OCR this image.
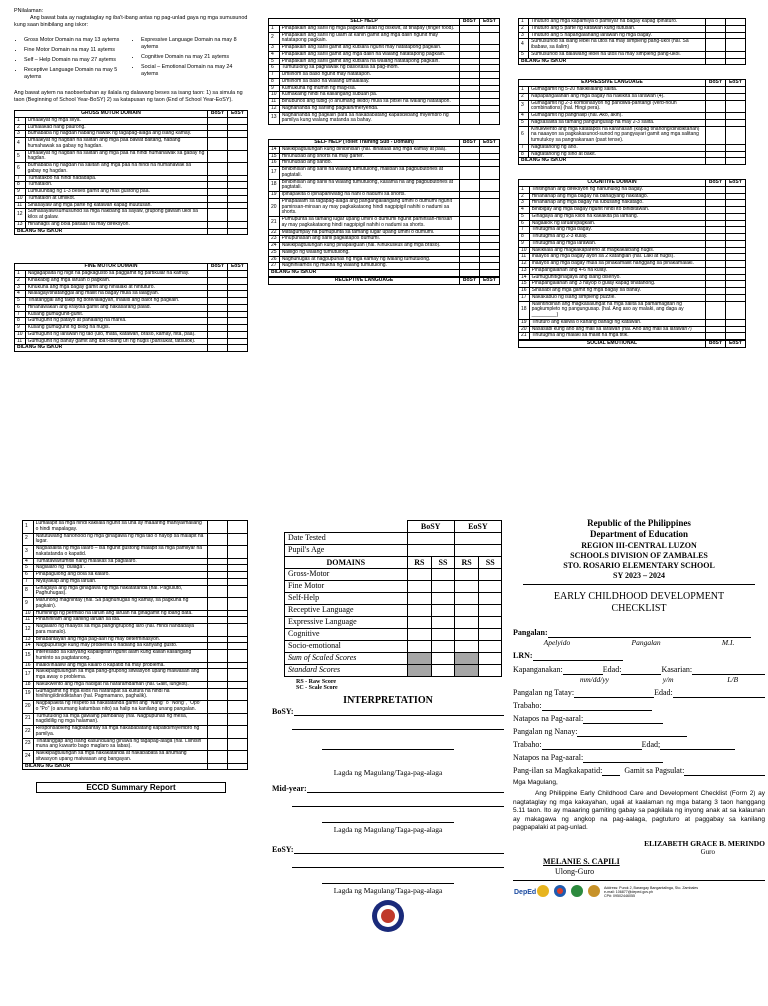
PNilalaman:
Ang bawat bata ay nagtataglay ng iba't-ibang antas ng pag-unlad gaya ng mga sumusunod kung saan binibilang ang iskor:
• Gross Motor Domain na may 13 aytems
• Fine Motor Domain na may 11 aytems
• Self – Help Domain na may 27 aytems
• Receptive Language Domain na may 5 aytems
• Expressive Language Domain na may 8 aytems
• Cognitive Domain na may 21 aytems
• Social – Emotional Domain na may 24 aytems
Ang bawat aytem na naobserbahan ay ilalala ng dalawang beses sa isang taon: 1) sa simula ng taon (Beginning of School Year-BoSY) 2) sa katapusan ng taon (End of School Year-EoSY).
GROSS MOTOR DOMAIN		BoSY	EoSY
1	Umaakyat ng mga silya.		
2	Lumalakad nang paurong.		
3	Bumababa ng hagdan habang hawak ng tagapag-alaga ang isang kamay.		
4	Umaakyat ng hagdan na salitan ang mga paa bawat baitang, habang humahawak sa gabay ng hagdan.		
5	Umaakyat ng hagdan na salitan ang mga paa na hindi humahawak sa gabay ng hagdan.		
6	Bumababa ng hagdan na salitan ang mga paa na hindi na humahawak sa gabay ng hagdan.		
7	Tumatakbo na hindi nadadapa.		
8	Tumatalon.		
9	Lumuluhdag ng 1-3 beses gamit ang mas gustong paa.		
10	Tumatalon at umiikot.		
11	Sinasayaw ang mga parte ng katawan kapag inuutusan.		
12	Sumasayaw/sumusunod sa mga hakbang sa sayaw, grupong gawain ukol sa kilos at galaw.		
13	Hinahagis ang bola paitaas na may direksyon.		
BILANG NG ISKOR			
FINE MOTOR DOMAIN		BoSY	EoSY
1	Nagagapaita ng higit na pagkagusto sa paggamit ng partikular na kamay.		
2	Kinakabig ang mga laruan o pagkain.		
3	Kinukuha ang mga bagay gamit ang hinlalaki at hintuturo.		
4	Nilalagay/tinatanggal ang maliit na bagay mula sa lalagyan.		
5	Tinatanggal ang takip ng bote/lalagyan, inaalis ang balot ng pagkain.		
6	Hinahawakan ang krayola gamit ang nakasarang palad.		
7	Kusang gumuguhit-guhit.		
8	Gumuguhit ng patayo at pahalang na marka.		
9	Kusang gumuguhit ng bilog na hugis.		
10	Gumuguhit ng larawan ng tao (ulo, mata, katawan, braso, kamay, hita, paa).		
11	Gumuguhit ng bahay gamit ang iba't-ibang uri ng hugis (parisukat, tatsulok).		
BILANG NG ISKOR			
SELF HELP		BoSY	EoSY
1	Pinapakain ang sarili ng mga pagkain tulad ng biskwit, at tinapay (finger food).		
2	Pinapakain ang sarili ng ulam at kanin gamit ang mga daliri ngunit may natatapong pagkain.		
3	Pinapakain ang sarili gamit ang kutsara ngunit may natatapong pagkain.		
4	Pinapakain ang sarili gamit ang mga daliri na walang natatapong pagkain.		
5	Pinapakain ang sarili gamit ang kutsara na walang natatapong pagkain.		
6	Tumutulong sa paghawak ng baso/tasa sa pag-inom.		
7	Umiinom sa baso ngunit may natatapon.		
8	Umiinom sa baso na walang umaalalay.		
9	Kumukuha ng inumin ng mag-isa.		
10	Kumakaing hindi na kailangang subuan pa.		
11	Binubuhos ang tubig (o anumang likido) mula sa pitsel na walang natatapon.		
12	Naghahanda ng sariling pagkain/meryenda.		
13	Naghahanda ng pagkain para sa nakababatang kapatid/ibang miyembro ng pamilya kung walang matanda sa bahay.		
SELF HELP (Toilet Training Sub - Domain)		BoSY	EoSY
14	Nakikipagtulungan kung binibihisan (hal. Itinataas ang mga kamay at paa).		
15	Hinuhubad ang shorts na may garter.		
16	Hinuhubad ang sando.		
17	Binibihisan ang sarili na walang tumutulong, maliban sa pagbubutones at pagtatali.		
18	Binibihisan ang sarili na walang tumutulong, kasama na ang pagbubutones at pagtatali.		
19	Ipinapakita o ipinapahiwatig na nahi o nadumi sa shorts.		
20	Pinapaalam sa tagapag-alaga ang pangangailangang umihi o dumumi ngunit paminsan-minsan ay may pagkakataong hindi nagpipigil nahihi o nadumi sa shorts.		
21	Pumupunta sa tamang lugar upang umihi o dumumi ngunit paminsan-minsan ay may pagkakataong hindi nagpipigil nahihi o nadumi sa shorts.		
22	Matagumpay na pumupunta sa tamang lugar upang umihi o dumumi.		
23	Pinupunasan ang sarili pagkatapos dumumi.		
24	Nakikipagtulungan kung pinapaliguan (hal. Kinukuskus ang mga braso).		
25	Naliligo ng walang tumutulong.		
26	Naghuhugas at nagpupunas ng mga kamay ng walang tumutulong.		
27	Naghihilamos ng mukha ng walang tumutulong.		
BILANG NG ISKOR			
RECEPTIVE LANGUAGE	BoSY	EoSY
1	Tinuturo ang mga kapamilya o pamilyar na bagay kapag ipinaturo.		
2	Tinuturo ang 5 parte ng katawan kung itutusan.		
3	Tinuturo ang 5 napangalanang larawan ng mga bagay.		
4	Sumusunod sa isang lebel na utos na may simpleng pang-ukol (hal. Sa ibabaw, sa ilalim)		
5	Sumusunod sa dalawang lebel na utos na may simpleng pang-ukol.		
BILANG NG ISKOR			
EXPRESSIVE LANGUAGE		BoSY	EoSY
1	Gumagamit ng 5-20 nakikilalang salita.		
2	Napapangalanan ang mga bagay na nakikita sa larawan (4).		
3	Gumagamit ng 2-3 kombinasyon ng pandiwa-pantangi (verb-noun combinations) (hal. Hingi pera).		
4	Gumagamit ng panghalip (hal. Ako, akin).		
5	Nagsasalita sa tamang pangungusap na may 2-3 salita.		
6	Kinukwento ang mga katatapos na karanasan (kapag tinanong/dinidiktahan) na naaayon sa pagkakasunod-sunod ng pangyayari gamit ang mga salitang tumutukoy sa pangnakaraan (past tense).		
7	Nagtatanong ng ano.		
8	Nagtatanong ng sino at bakit.		
BILANG NG ISKOR			
COGNITIVE DOMAIN		BoSY	EoSY
1	Tinitingnan ang direksyon ng nahuhulog na bagay.		
2	Hinahanap ang mga bagay na bahagyang nakatago.		
3	Hinahanap ang mga bagay na lubusang nakatago.		
4	Binibigay ang mga bagay ngunit hindi ito binibitawan.		
5	Ginagaya ang mga kilos na kakakita pa lamang.		
6	Nagaalok ng laruan/pagkain.		
7	Tinutugma ang mga bagay.		
8	Tinutugma ang 2-3 kulay.		
9	Tinutugma ang mga larawan.		
10	Nakikilala ang magkakapareho at magkakaibang hugis.		
11	Inaayos ang mga bagay ayon sa 2 katangian (hal. Laki at hugis).		
12	Inaayos ang mga bagay mula sa pinakamaliit hanggang sa pinakamalaki.		
13	Pinapangalanan ang 4-6 na kulay.		
14	Gumuguhit/ginagaya ang isang disenyo.		
15	Pinapangalanan ang 3 hayop o gulay kapag tinatanong.		
16	Sinasabi ang mga gamit ng mga bagay sa bahay.		
17	Nakakabuo ng isang simpleng puzzle.		
18	Naiintindihan ang magkasalungat na mga salita sa pamamagitan ng pagkumpleto ng pangungusap. (hal. Ang aso ay malaki, ang daga ay _________)		
19	Tinuturo ang kaliwa o kanang bahagi ng katawan.		
20	Nasasabi kung ano ang mali sa larawan (hal. Ano ang mali sa larawan?)		
21	Tinutugma ang malaki sa maliit na mga titik.		
SOCIAL EMOTIONAL	BoSY	EoSY
1	Lumalapit sa mga hindi kakilala ngunit sa una ay maaaring mahiya/mailang o hindi mapalagay.		
2	Natutuwang nanonood ng mga ginagawa ng mga tao o hayop sa malapit na lugar.		
3	Nagsasalita ng mga lalaro – isa ngunit gustong maiapit sa mga pamilyar na nakatatanda o kapatid.		
4	Tumatawa/tumitili nang malakas sa paglalaro.		
5	Naglalaro ng "bulaga".		
6	Pinapagulong ang bola sa kalaro.		
7	Niyayakap ang mga laruan.		
8	Ginagaya ang mga ginagawa ng mga nakatatanda (hal. Pagluluto, Paghuhugas).		
9	Marunong maghintay (hal. Sa paghuhugas ng kamay, sa pagkuha ng pagkain).		
10	Humihingi ng permiso na laruin ang laruan na ginagamit ng ibang bata.		
11	Pinahihiram ang sariling laruan sa iba.		
12	Naglalaro ng maayos sa mga pangngrupong laro (hal. Hindi nandadaya para manalo).		
13	Binabantayan ang mga pag-aari ng may determinasyon.		
14	Nagpupursige kung may problema o hadlang sa kanyang gusto.		
15	Interesado sa kanyang kapaligiran ngunit alam kung kalian kailangang huminto sa pagtatanong.		
16	Inaalo/inaaliw ang mga kalaro o kapatid na may problema.		
17	Nakikipagtulungan sa mga pang-grupong sitwasyon upang maiwasan ang mga away o problema.		
18	Nakukwento ang mga nadigat na nararamdaman (hal. Galit, lungkot).		
19	Gumagamit ng mga kilos na nararapat sa kultura na hindi na hinihingi/dinidiktahan (hal. Pagmamano, paghalik).		
20	Nagpapakita ng respeto sa nakatatanda gamit ang "Nang" o "Nong", "Opo" o "Po" (o anumang katumbas nito) sa halip na kanilang unang pangalan.		
21	Tumutulong sa mga gawaing pambahay (hal. Nagpupunas ng mesa, nagdidilig ng mga halaman).		
22	Responsableng nagbabantay sa mga nakababatang kapatid/miyembro ng pamilya.		
23	Tinatanggap ang isang kasunduang ginawa ng tagapag-alaga (hal. Liiinisin muna ang kuwarto bago maglaro sa labas).		
24	Nakikipagtulungan sa mga nakakatanda at nakababata sa anumang sitwasyon upang maiwasan ang bangayan.		
BILANG NG ISKOR			
ECCD Summary Report
	BoSY		EoSY	
Date Tested				
Pupil's Age				
DOMAINS	RS	SS	RS	SS
Gross-Motor				
Fine Motor				
Self-Help				
Receptive Language				
Expressive Language				
Cognitive				
Socio-emotional				
Sum of Scaled Scores				
Standard Scores				
RS - Raw Score
SC - Scale Score
INTERPRETATION
BoSY:
Lagda ng Magulang/Taga-pag-alaga
Mid-year:
Lagda ng Magulang/Taga-pag-alaga
EoSY:
Lagda ng Magulang/Taga-pag-alaga
Republic of the Philippines
Department of Education
REGION III-CENTRAL LUZON
SCHOOLS DIVISION OF ZAMBALES
STO. ROSARIO ELEMENTARY SCHOOL
SY 2023 – 2024
EARLY CHILDHOOD DEVELOPMENT
CHECKLIST
Pangalan:
Apelyido	Pangalan	M.I.
LRN:
Kapanganakan:	Edad:	Kasarian:
mm/dd/yy	y/m	L/B
Pangalan ng Tatay:	Edad:
Trabaho:
Natapos na Pag-aaral:
Pangalan ng Nanay:
Trabaho:	Edad;
Natapos na Pag-aaral:
Pang-ilan sa Magkakapatid:	Gamit sa Pagsulat:
Mga Magulang,
Ang Philippine Early Childhood Care and Development Checklist (Form 2) ay nagtataglay ng mga kakayahan, ugali at kaalaman ng mga batang 3 taon hanggang 5.11 taon. Ito ay maaaring gamiting gabay sa pagkilala ng inyong anak at sa kalaunan ay makagawa ng angkop na pag-aalaga, pagtuturo at paggabay sa kanilang pagpapalaki at pag-unlad.
ELIZABETH GRACE B. MERINDO
Guro
MELANIE S. CAPILI
Ulong-Guro
DepEd
Address: Purok 2, Barangay Bangantalinga, Sto. Zambales
e-mail: 106877@deped.gov.ph
CP#: 09502446055
